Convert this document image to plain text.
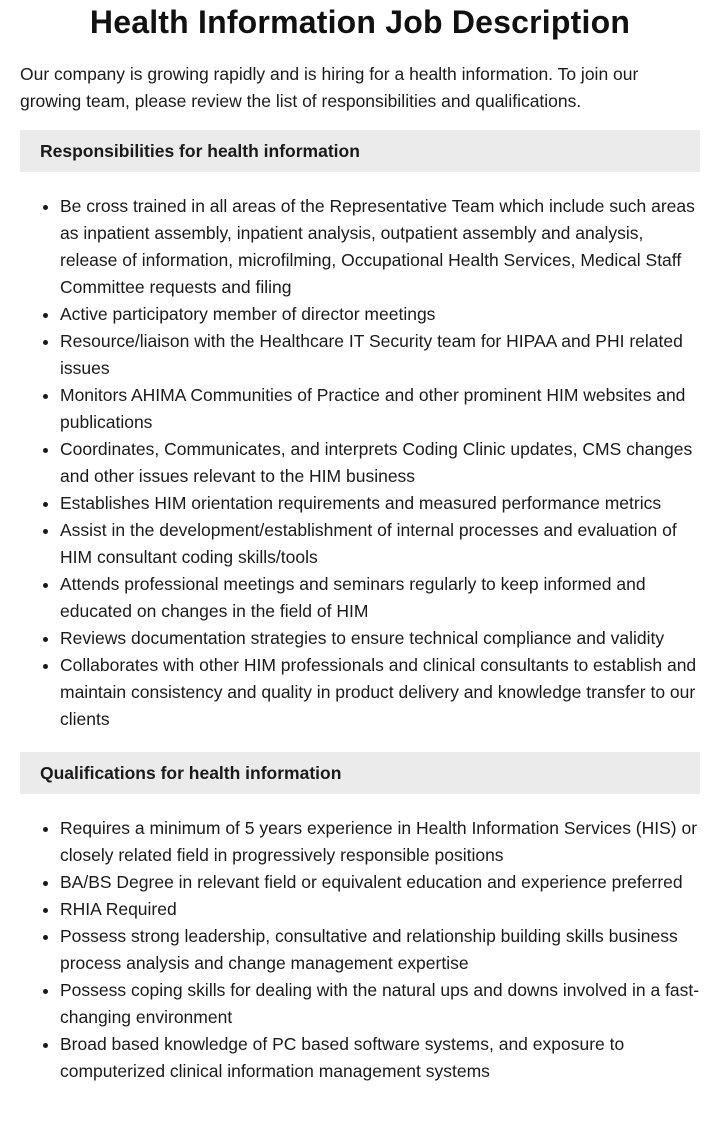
Health Information Job Description

Our company is growing rapidly and is hiring for a health information. To join our growing team, please review the list of responsibilities and qualifications.

Responsibilities for health information
• Be cross trained in all areas of the Representative Team which include such areas as inpatient assembly, inpatient analysis, outpatient assembly and analysis, release of information, microfilming, Occupational Health Services, Medical Staff Committee requests and filing
• Active participatory member of director meetings
• Resource/liaison with the Healthcare IT Security team for HIPAA and PHI related issues
• Monitors AHIMA Communities of Practice and other prominent HIM websites and publications
• Coordinates, Communicates, and interprets Coding Clinic updates, CMS changes and other issues relevant to the HIM business
• Establishes HIM orientation requirements and measured performance metrics
• Assist in the development/establishment of internal processes and evaluation of HIM consultant coding skills/tools
• Attends professional meetings and seminars regularly to keep informed and educated on changes in the field of HIM
• Reviews documentation strategies to ensure technical compliance and validity
• Collaborates with other HIM professionals and clinical consultants to establish and maintain consistency and quality in product delivery and knowledge transfer to our clients
Qualifications for health information
• Requires a minimum of 5 years experience in Health Information Services (HIS) or closely related field in progressively responsible positions
• BA/BS Degree in relevant field or equivalent education and experience preferred
• RHIA Required
• Possess strong leadership, consultative and relationship building skills business process analysis and change management expertise
• Possess coping skills for dealing with the natural ups and downs involved in a fast-changing environment
• Broad based knowledge of PC based software systems, and exposure to computerized clinical information management systems
